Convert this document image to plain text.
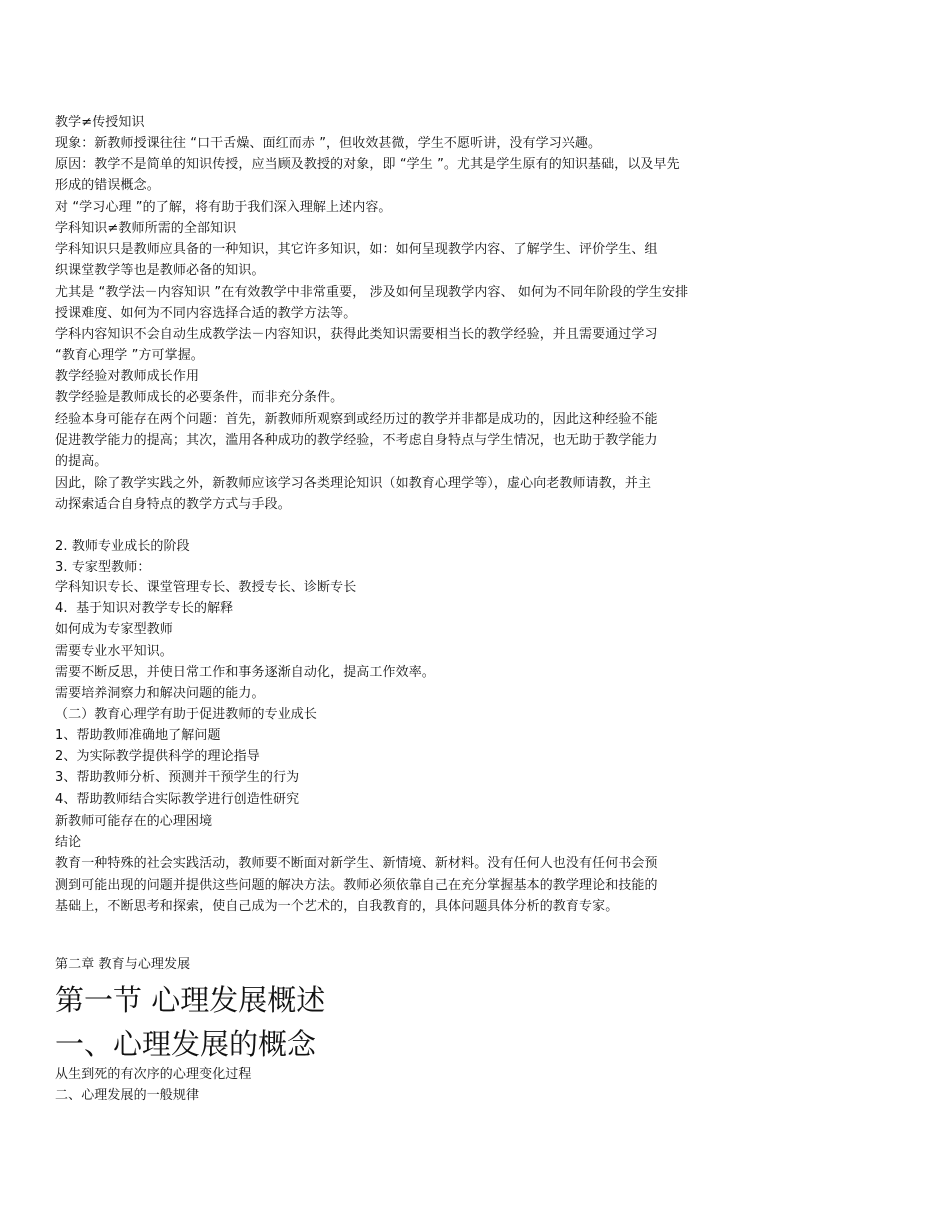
教学≠传授知识

现象：新教师授课往往 “口干舌燥、面红而赤 ”，但收效甚微，学生不愿听讲，没有学习兴趣。

原因：教学不是简单的知识传授，应当顾及教授的对象，即 “学生 ”。尤其是学生原有的知识基础，以及早先

形成的错误概念。

对 “学习心理 ”的了解，将有助于我们深入理解上述内容。

学科知识≠教师所需的全部知识

学科知识只是教师应具备的一种知识，其它许多知识，如：如何呈现教学内容、了解学生、评价学生、组

织课堂教学等也是教师必备的知识。

尤其是 “教学法－内容知识 ”在有效教学中非常重要， 涉及如何呈现教学内容、 如何为不同年阶段的学生安排

授课难度、如何为不同内容选择合适的教学方法等。

学科内容知识不会自动生成教学法－内容知识，获得此类知识需要相当长的教学经验，并且需要通过学习

“教育心理学 ”方可掌握。

教学经验对教师成长作用

教学经验是教师成长的必要条件，而非充分条件。

经验本身可能存在两个问题：首先，新教师所观察到或经历过的教学并非都是成功的，因此这种经验不能

促进教学能力的提高；其次，滥用各种成功的教学经验，不考虑自身特点与学生情况，也无助于教学能力

的提高。

因此，除了教学实践之外，新教师应该学习各类理论知识（如教育心理学等），虚心向老教师请教，并主

动探索适合自身特点的教学方式与手段。

2. 教师专业成长的阶段

3. 专家型教师：

学科知识专长、课堂管理专长、教授专长、诊断专长

4.  基于知识对教学专长的解释

如何成为专家型教师

需要专业水平知识。

需要不断反思，并使日常工作和事务逐渐自动化，提高工作效率。

需要培养洞察力和解决问题的能力。

（二）教育心理学有助于促进教师的专业成长

1、帮助教师准确地了解问题

2、为实际教学提供科学的理论指导

3、帮助教师分析、预测并干预学生的行为

4、帮助教师结合实际教学进行创造性研究

新教师可能存在的心理困境

结论

教育一种特殊的社会实践活动，教师要不断面对新学生、新情境、新材料。没有任何人也没有任何书会预

测到可能出现的问题并提供这些问题的解决方法。教师必须依靠自己在充分掌握基本的教学理论和技能的

基础上，不断思考和探索，使自己成为一个艺术的，自我教育的，具体问题具体分析的教育专家。

第二章 教育与心理发展

第一节 心理发展概述
一、心理发展的概念

从生到死的有次序的心理变化过程

二、心理发展的一般规律
